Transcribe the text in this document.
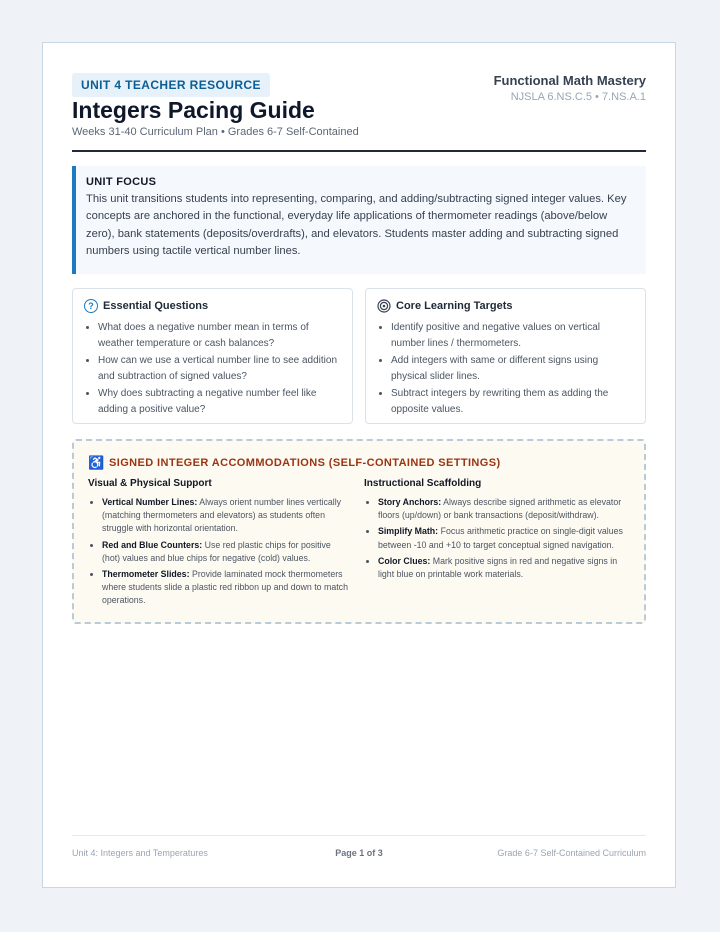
UNIT 4 TEACHER RESOURCE
Integers Pacing Guide
Weeks 31-40 Curriculum Plan • Grades 6-7 Self-Contained
Functional Math Mastery
NJSLA 6.NS.C.5 • 7.NS.A.1
UNIT FOCUS
This unit transitions students into representing, comparing, and adding/subtracting signed integer values. Key concepts are anchored in the functional, everyday life applications of thermometer readings (above/below zero), bank statements (deposits/overdrafts), and elevators. Students master adding and subtracting signed numbers using tactile vertical number lines.
? Essential Questions
• What does a negative number mean in terms of weather temperature or cash balances?
• How can we use a vertical number line to see addition and subtraction of signed values?
• Why does subtracting a negative number feel like adding a positive value?
Core Learning Targets
• Identify positive and negative values on vertical number lines / thermometers.
• Add integers with same or different signs using physical slider lines.
• Subtract integers by rewriting them as adding the opposite values.
♿ SIGNED INTEGER ACCOMMODATIONS (SELF-CONTAINED SETTINGS)
Visual & Physical Support
• Vertical Number Lines: Always orient number lines vertically (matching thermometers and elevators) as students often struggle with horizontal orientation.
• Red and Blue Counters: Use red plastic chips for positive (hot) values and blue chips for negative (cold) values.
• Thermometer Slides: Provide laminated mock thermometers where students slide a plastic red ribbon up and down to match operations.
Instructional Scaffolding
• Story Anchors: Always describe signed arithmetic as elevator floors (up/down) or bank transactions (deposit/withdraw).
• Simplify Math: Focus arithmetic practice on single-digit values between -10 and +10 to target conceptual signed navigation.
• Color Clues: Mark positive signs in red and negative signs in light blue on printable work materials.
Unit 4: Integers and Temperatures	Page 1 of 3	Grade 6-7 Self-Contained Curriculum
